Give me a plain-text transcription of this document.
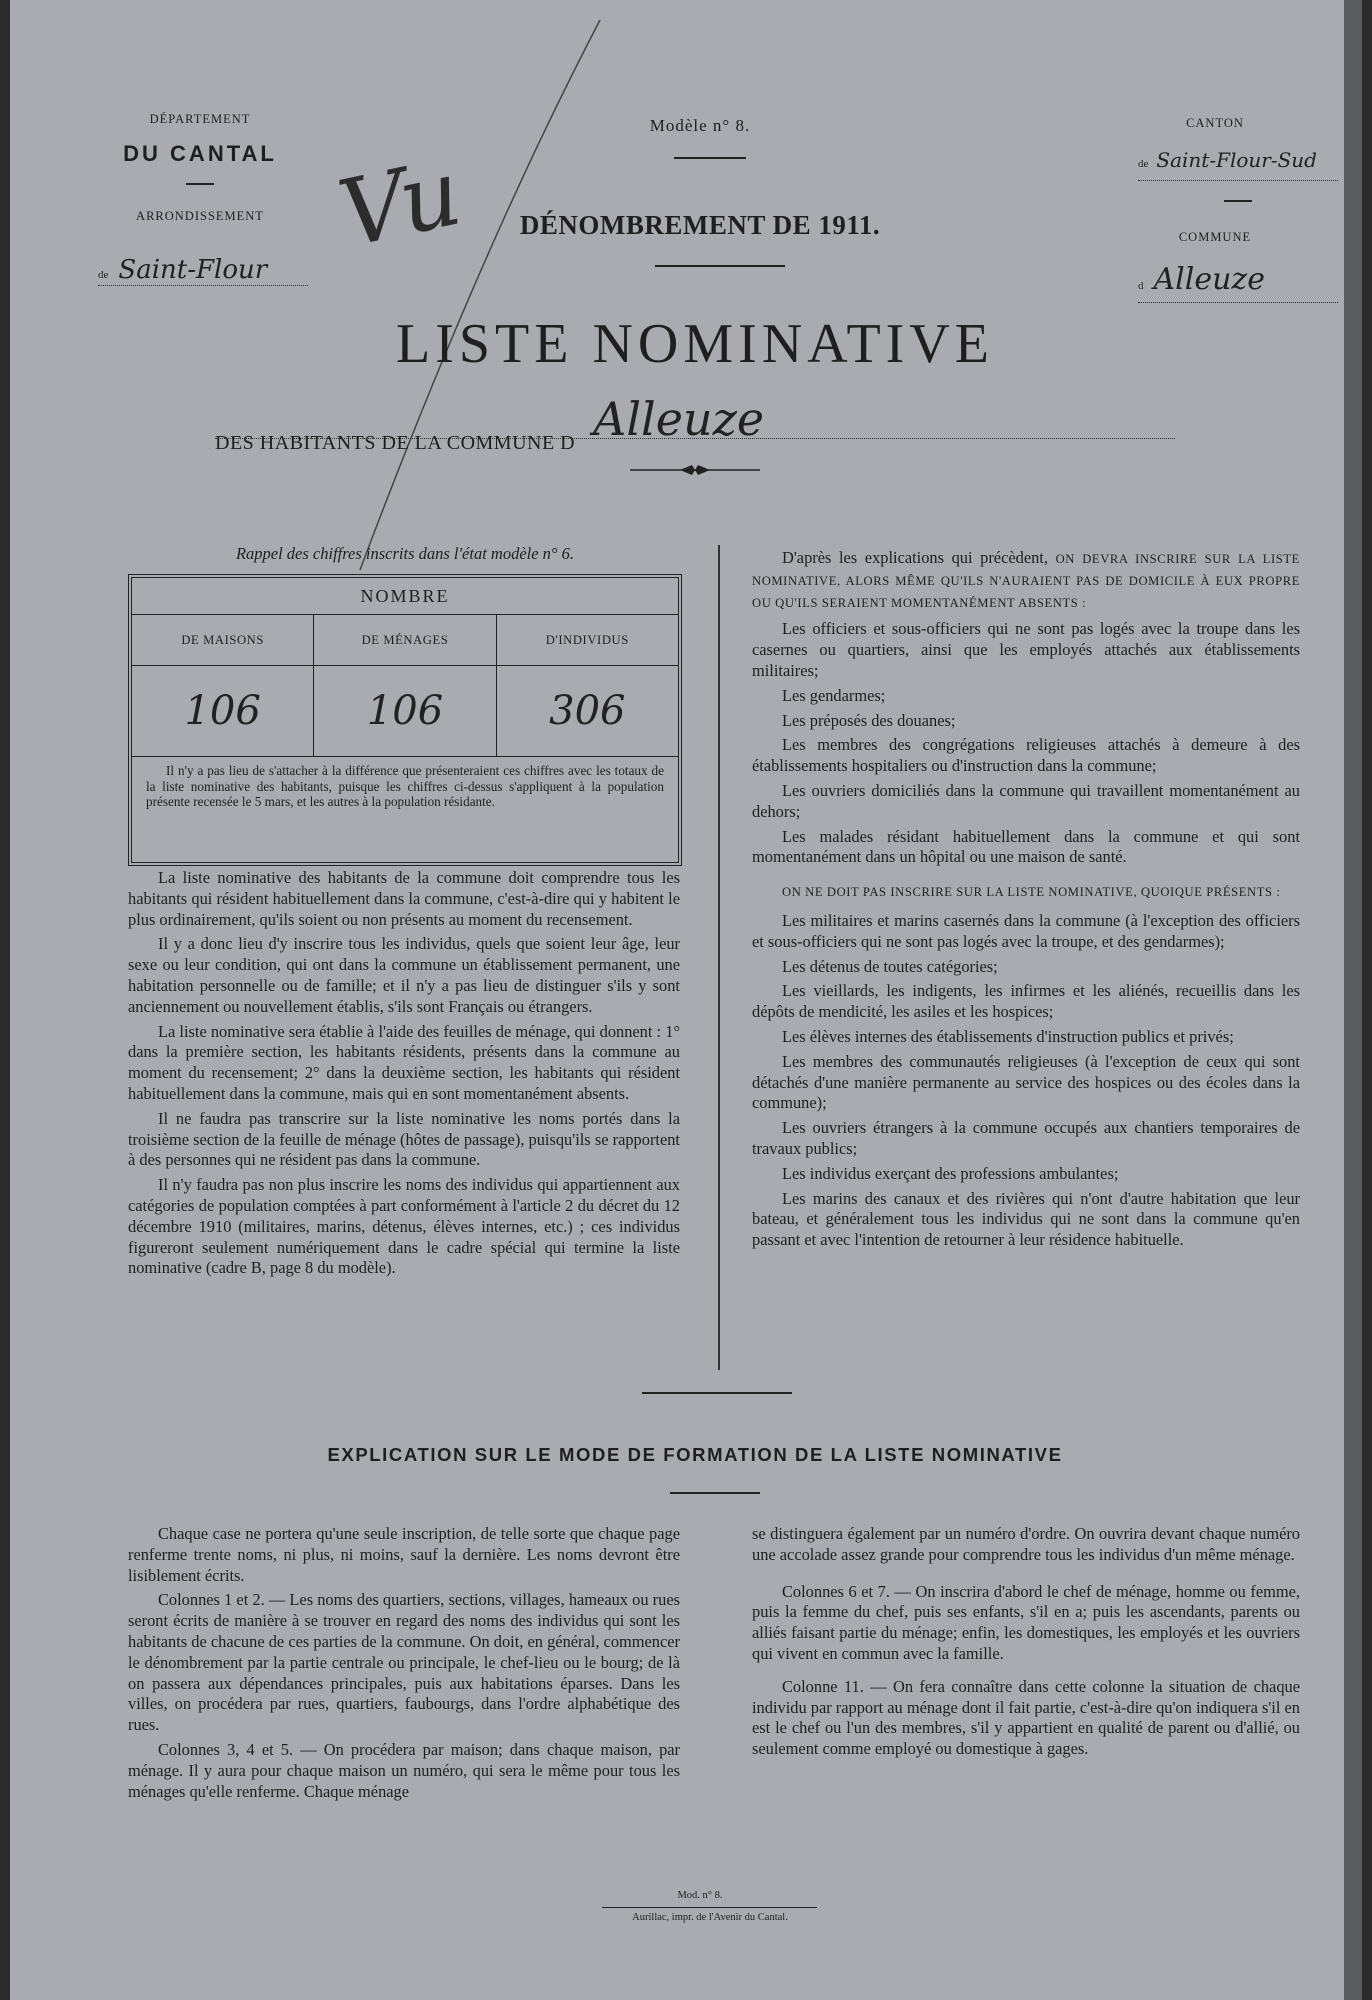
DÉPARTEMENT
DU CANTAL
ARRONDISSEMENT
de Saint-Flour
Modèle n° 8.
DÉNOMBREMENT DE 1911.
Vu
CANTON
de Saint-Flour-Sud
COMMUNE
d Alleuze
LISTE NOMINATIVE
DES HABITANTS DE LA COMMUNE D Alleuze
Rappel des chiffres inscrits dans l'état modèle n° 6.
NOMBRE
DE MAISONS	DE MÉNAGES	D'INDIVIDUS
106	106	306
Il n'y a pas lieu de s'attacher à la différence que présenteraient ces chiffres avec les totaux de la liste nominative des habitants, puisque les chiffres ci-dessus s'appliquent à la population présente recensée le 5 mars, et les autres à la population résidante.

La liste nominative des habitants de la commune doit comprendre tous les habitants qui résident habituellement dans la commune, c'est-à-dire qui y habitent le plus ordinairement, qu'ils soient ou non présents au moment du recensement.

Il y a donc lieu d'y inscrire tous les individus, quels que soient leur âge, leur sexe ou leur condition, qui ont dans la commune un établissement permanent, une habitation personnelle ou de famille; et il n'y a pas lieu de distinguer s'ils y sont anciennement ou nouvellement établis, s'ils sont Français ou étrangers.

La liste nominative sera établie à l'aide des feuilles de ménage, qui donnent : 1° dans la première section, les habitants résidents, présents dans la commune au moment du recensement; 2° dans la deuxième section, les habitants qui résident habituellement dans la commune, mais qui en sont momentanément absents.

Il ne faudra pas transcrire sur la liste nominative les noms portés dans la troisième section de la feuille de ménage (hôtes de passage), puisqu'ils se rapportent à des personnes qui ne résident pas dans la commune.

Il n'y faudra pas non plus inscrire les noms des individus qui appartiennent aux catégories de population comptées à part conformément à l'article 2 du décret du 12 décembre 1910 (militaires, marins, détenus, élèves internes, etc.) ; ces individus figureront seulement numériquement dans le cadre spécial qui termine la liste nominative (cadre B, page 8 du modèle).

D'après les explications qui précèdent, ON DEVRA INSCRIRE SUR LA LISTE NOMINATIVE, ALORS MÊME QU'ILS N'AURAIENT PAS DE DOMICILE À EUX PROPRE OU QU'ILS SERAIENT MOMENTANÉMENT ABSENTS :

Les officiers et sous-officiers qui ne sont pas logés avec la troupe dans les casernes ou quartiers, ainsi que les employés attachés aux établissements militaires;

Les gendarmes;

Les préposés des douanes;

Les membres des congrégations religieuses attachés à demeure à des établissements hospitaliers ou d'instruction dans la commune;

Les ouvriers domiciliés dans la commune qui travaillent momentanément au dehors;

Les malades résidant habituellement dans la commune et qui sont momentanément dans un hôpital ou une maison de santé.

ON NE DOIT PAS INSCRIRE SUR LA LISTE NOMINATIVE, QUOIQUE PRÉSENTS :

Les militaires et marins casernés dans la commune (à l'exception des officiers et sous-officiers qui ne sont pas logés avec la troupe, et des gendarmes);

Les détenus de toutes catégories;

Les vieillards, les indigents, les infirmes et les aliénés, recueillis dans les dépôts de mendicité, les asiles et les hospices;

Les élèves internes des établissements d'instruction publics et privés;

Les membres des communautés religieuses (à l'exception de ceux qui sont détachés d'une manière permanente au service des hospices ou des écoles dans la commune);

Les ouvriers étrangers à la commune occupés aux chantiers temporaires de travaux publics;

Les individus exerçant des professions ambulantes;

Les marins des canaux et des rivières qui n'ont d'autre habitation que leur bateau, et généralement tous les individus qui ne sont dans la commune qu'en passant et avec l'intention de retourner à leur résidence habituelle.

EXPLICATION SUR LE MODE DE FORMATION DE LA LISTE NOMINATIVE

Chaque case ne portera qu'une seule inscription, de telle sorte que chaque page renferme trente noms, ni plus, ni moins, sauf la dernière. Les noms devront être lisiblement écrits.

Colonnes 1 et 2. — Les noms des quartiers, sections, villages, hameaux ou rues seront écrits de manière à se trouver en regard des noms des individus qui sont les habitants de chacune de ces parties de la commune. On doit, en général, commencer le dénombrement par la partie centrale ou principale, le chef-lieu ou le bourg; de là on passera aux dépendances principales, puis aux habitations éparses. Dans les villes, on procédera par rues, quartiers, faubourgs, dans l'ordre alphabétique des rues.

Colonnes 3, 4 et 5. — On procédera par maison; dans chaque maison, par ménage. Il y aura pour chaque maison un numéro, qui sera le même pour tous les ménages qu'elle renferme. Chaque ménage

se distinguera également par un numéro d'ordre. On ouvrira devant chaque numéro une accolade assez grande pour comprendre tous les individus d'un même ménage.

Colonnes 6 et 7. — On inscrira d'abord le chef de ménage, homme ou femme, puis la femme du chef, puis ses enfants, s'il en a; puis les ascendants, parents ou alliés faisant partie du ménage; enfin, les domestiques, les employés et les ouvriers qui vivent en commun avec la famille.

Colonne 11. — On fera connaître dans cette colonne la situation de chaque individu par rapport au ménage dont il fait partie, c'est-à-dire qu'on indiquera s'il en est le chef ou l'un des membres, s'il y appartient en qualité de parent ou d'allié, ou seulement comme employé ou domestique à gages.

Mod. n° 8.
Aurillac, impr. de l'Avenir du Cantal.
